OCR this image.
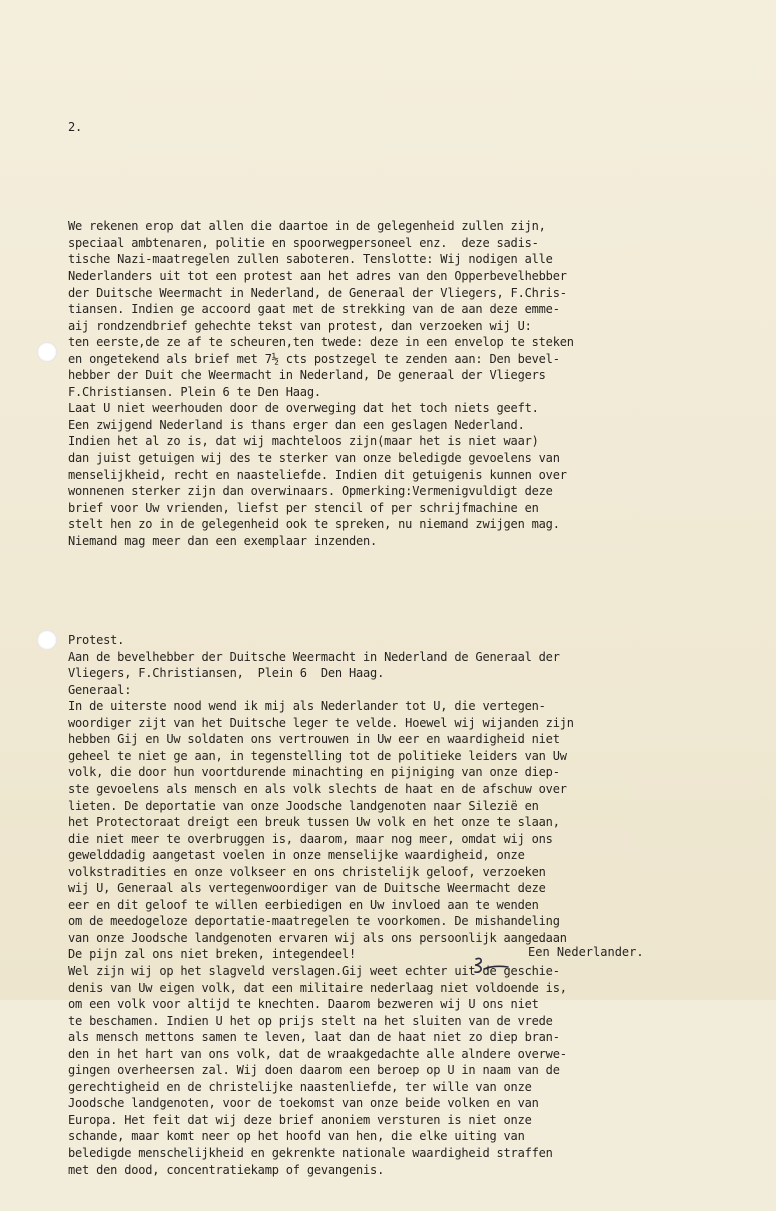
2.

We rekenen erop dat allen die daartoe in de gelegenheid zullen zijn,
speciaal ambtenaren, politie en spoorwegpersoneel enz.  deze sadis-
tische Nazi-maatregelen zullen saboteren. Tenslotte: Wij nodigen alle
Nederlanders uit tot een protest aan het adres van den Opperbevelhebber
der Duitsche Weermacht in Nederland, de Generaal der Vliegers, F.Chris-
tiansen. Indien ge accoord gaat met de strekking van de aan deze emme-
aij rondzendbrief gehechte tekst van protest, dan verzoeken wij U:
ten eerste,de ze af te scheuren,ten twede: deze in een envelop te steken
en ongetekend als brief met 7½ cts postzegel te zenden aan: Den bevel-
hebber der Duit che Weermacht in Nederland, De generaal der Vliegers
F.Christiansen. Plein 6 te Den Haag.
Laat U niet weerhouden door de overweging dat het toch niets geeft.
Een zwijgend Nederland is thans erger dan een geslagen Nederland.
Indien het al zo is, dat wij machteloos zijn(maar het is niet waar)
dan juist getuigen wij des te sterker van onze beledigde gevoelens van
menselijkheid, recht en naasteliefde. Indien dit getuigenis kunnen over
wonnenen sterker zijn dan overwinaars. Opmerking:Vermenigvuldigt deze
brief voor Uw vrienden, liefst per stencil of per schrijfmachine en
stelt hen zo in de gelegenheid ook te spreken, nu niemand zwijgen mag.
Niemand mag meer dan een exemplaar inzenden.

Protest.
Aan de bevelhebber der Duitsche Weermacht in Nederland de Generaal der
Vliegers, F.Christiansen,  Plein 6  Den Haag.
Generaal:
In de uiterste nood wend ik mij als Nederlander tot U, die vertegen-
woordiger zijt van het Duitsche leger te velde. Hoewel wij wijanden zijn
hebben Gij en Uw soldaten ons vertrouwen in Uw eer en waardigheid niet
geheel te niet ge aan, in tegenstelling tot de politieke leiders van Uw
volk, die door hun voortdurende minachting en pijniging van onze diep-
ste gevoelens als mensch en als volk slechts de haat en de afschuw over
lieten. De deportatie van onze Joodsche landgenoten naar Silezië en
het Protectoraat dreigt een breuk tussen Uw volk en het onze te slaan,
die niet meer te overbruggen is, daarom, maar nog meer, omdat wij ons
gewelddadig aangetast voelen in onze menselijke waardigheid, onze
volkstradities en onze volkseer en ons christelijk geloof, verzoeken
wij U, Generaal als vertegenwoordiger van de Duitsche Weermacht deze
eer en dit geloof te willen eerbiedigen en Uw invloed aan te wenden
om de meedogeloze deportatie-maatregelen te voorkomen. De mishandeling
van onze Joodsche landgenoten ervaren wij als ons persoonlijk aangedaan
De pijn zal ons niet breken, integendeel!
Wel zijn wij op het slagveld verslagen.Gij weet echter uit de geschie-
denis van Uw eigen volk, dat een militaire nederlaag niet voldoende is,
om een volk voor altijd te knechten. Daarom bezweren wij U ons niet
te beschamen. Indien U het op prijs stelt na het sluiten van de vrede
als mensch mettons samen te leven, laat dan de haat niet zo diep bran-
den in het hart van ons volk, dat de wraakgedachte alle alndere overwe-
gingen overheersen zal. Wij doen daarom een beroep op U in naam van de
gerechtigheid en de christelijke naastenliefde, ter wille van onze
Joodsche landgenoten, voor de toekomst van onze beide volken en van
Europa. Het feit dat wij deze brief anoniem versturen is niet onze
schande, maar komt neer op het hoofd van hen, die elke uiting van
beledigde menschelijkheid en gekrenkte nationale waardigheid straffen
met den dood, concentratiekamp of gevangenis.

Een Nederlander.
